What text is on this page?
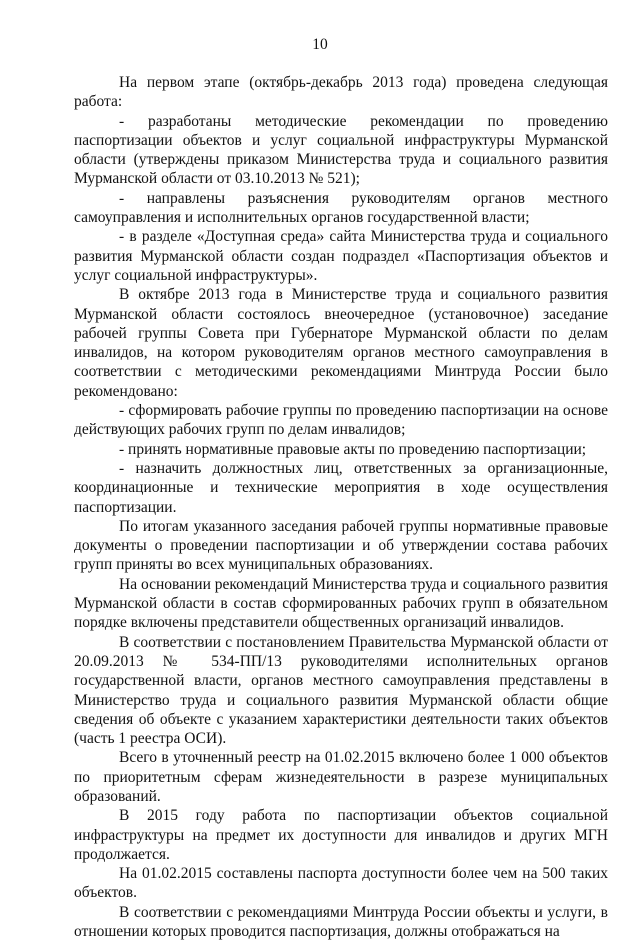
10

На первом этапе (октябрь-декабрь 2013 года) проведена следующая работа:

- разработаны методические рекомендации по проведению паспортизации объектов и услуг социальной инфраструктуры Мурманской области (утверждены приказом Министерства труда и социального развития Мурманской области от 03.10.2013 № 521);

- направлены разъяснения руководителям органов местного самоуправления и исполнительных органов государственной власти;

- в разделе «Доступная среда» сайта Министерства труда и социального развития Мурманской области создан подраздел «Паспортизация объектов и услуг социальной инфраструктуры».

В октябре 2013 года в Министерстве труда и социального развития Мурманской области состоялось внеочередное (установочное) заседание рабочей группы Совета при Губернаторе Мурманской области по делам инвалидов, на котором руководителям органов местного самоуправления в соответствии с методическими рекомендациями Минтруда России было рекомендовано:

- сформировать рабочие группы по проведению паспортизации на основе действующих рабочих групп по делам инвалидов;

- принять нормативные правовые акты по проведению паспортизации;

- назначить должностных лиц, ответственных за организационные, координационные и технические мероприятия в ходе осуществления паспортизации.

По итогам указанного заседания рабочей группы нормативные правовые документы о проведении паспортизации и об утверждении состава рабочих групп приняты во всех муниципальных образованиях.

На основании рекомендаций Министерства труда и социального развития Мурманской области в состав сформированных рабочих групп в обязательном порядке включены представители общественных организаций инвалидов.

В соответствии с постановлением Правительства Мурманской области от 20.09.2013 № 534-ПП/13 руководителями исполнительных органов государственной власти, органов местного самоуправления представлены в Министерство труда и социального развития Мурманской области общие сведения об объекте с указанием характеристики деятельности таких объектов (часть 1 реестра ОСИ).

Всего в уточненный реестр на 01.02.2015 включено более 1 000 объектов по приоритетным сферам жизнедеятельности в разрезе муниципальных образований.

В 2015 году работа по паспортизации объектов социальной инфраструктуры на предмет их доступности для инвалидов и других МГН продолжается.

На 01.02.2015 составлены паспорта доступности более чем на 500 таких объектов.

В соответствии с рекомендациями Минтруда России объекты и услуги, в отношении которых проводится паспортизация, должны отображаться на
